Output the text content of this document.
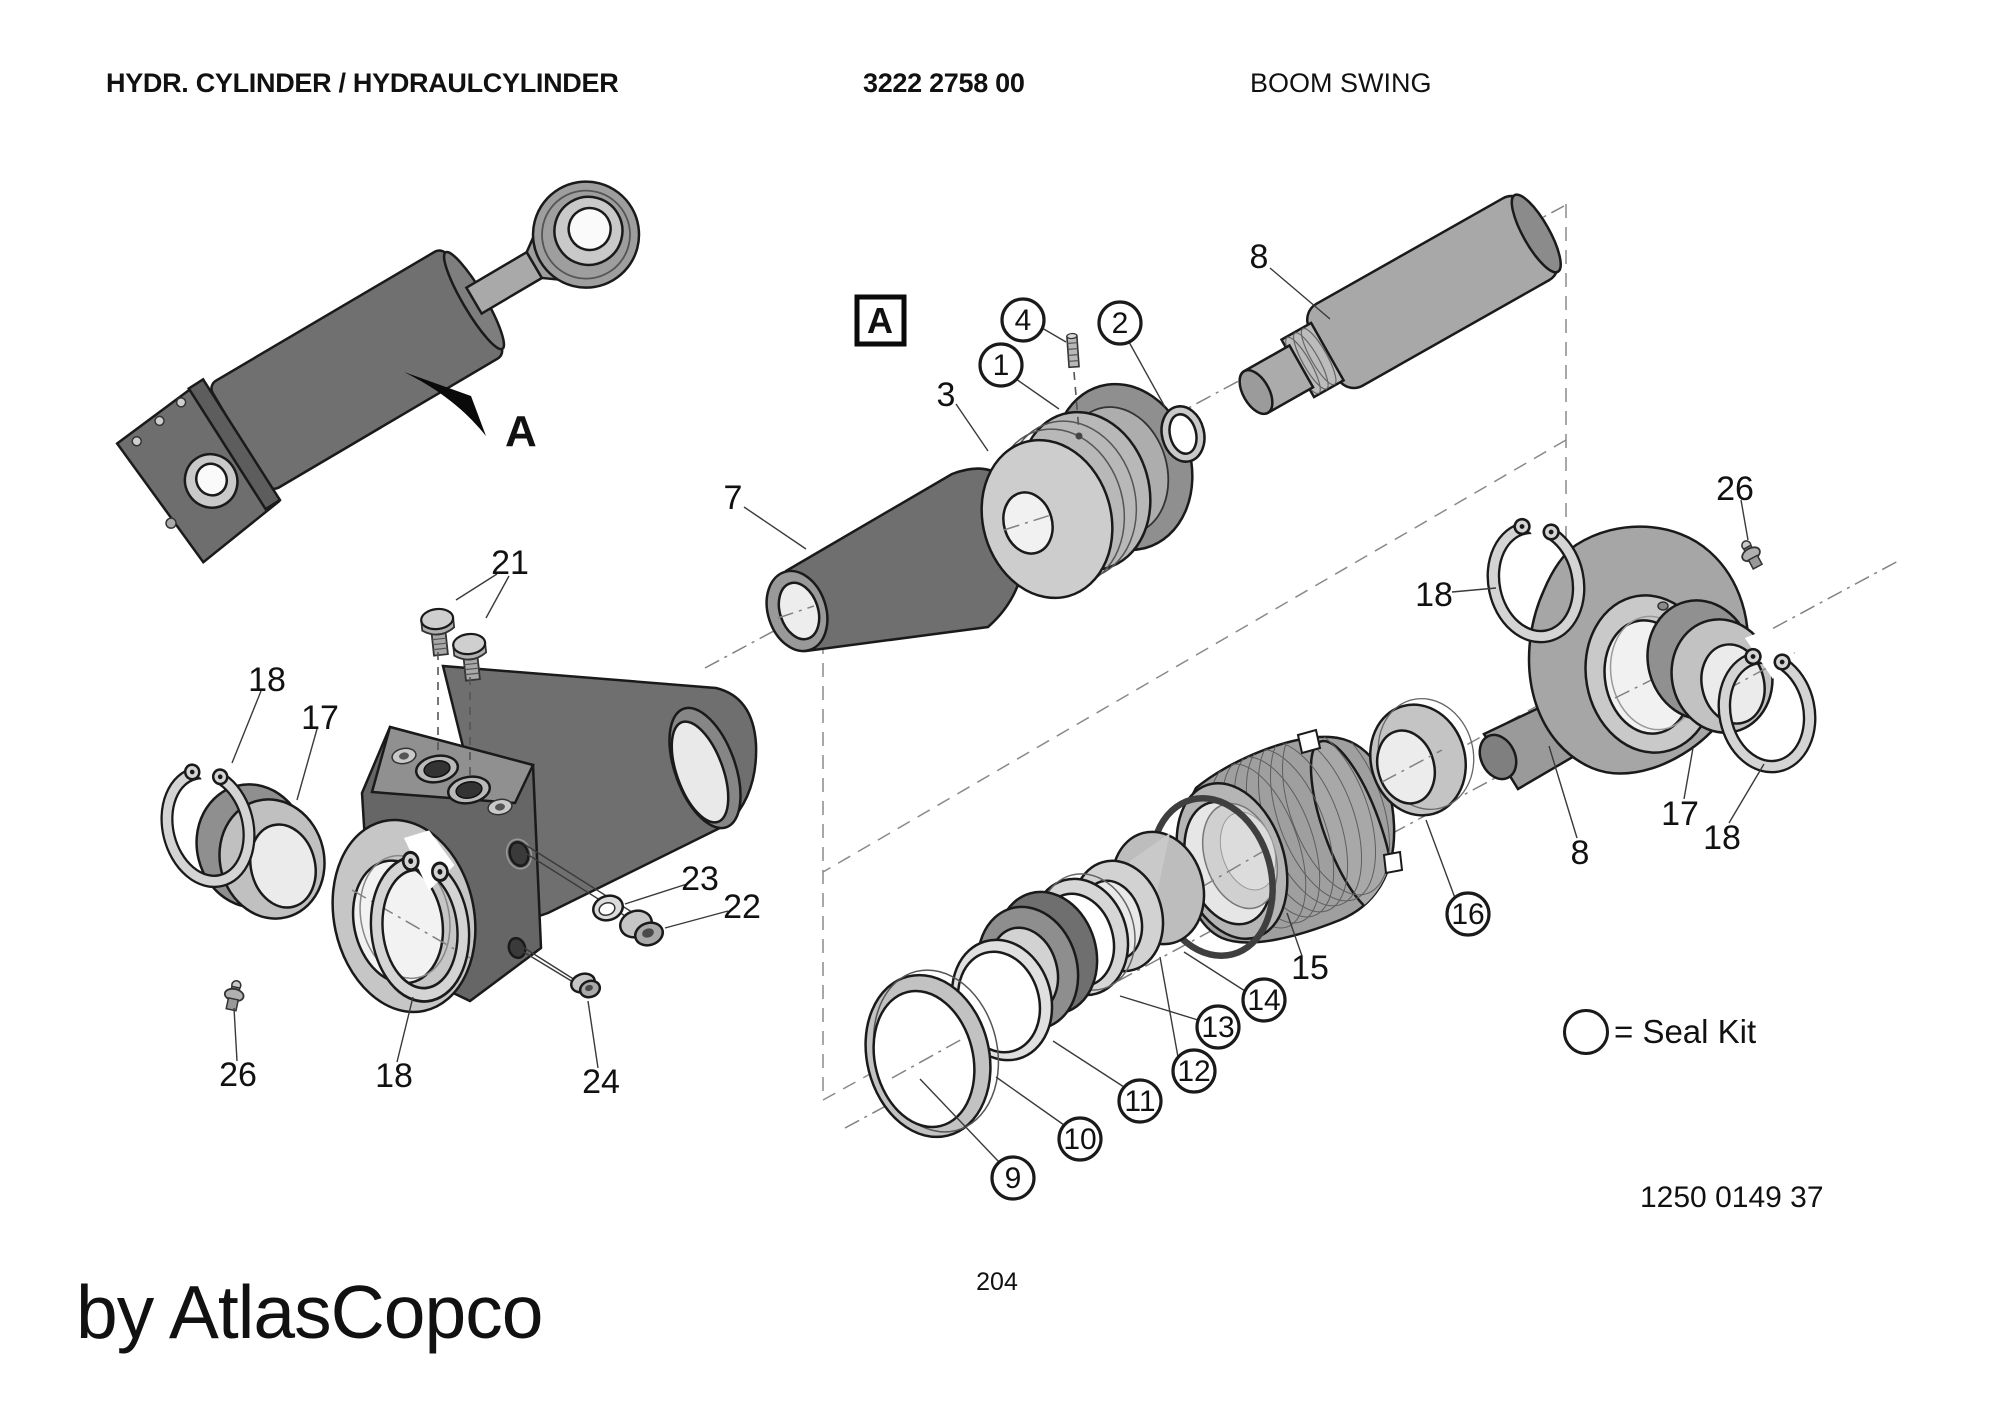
A
A
7
3
1
4	2
8
21
18
17
26	18	24
23
22
9
10
11
12
13
14
15
16
18
26
17
18
8
= Seal Kit
HYDR. CYLINDER / HYDRAULCYLINDER	3222 2758 00	BOOM SWING
1250 0149 37
204
by AtlasCopco
